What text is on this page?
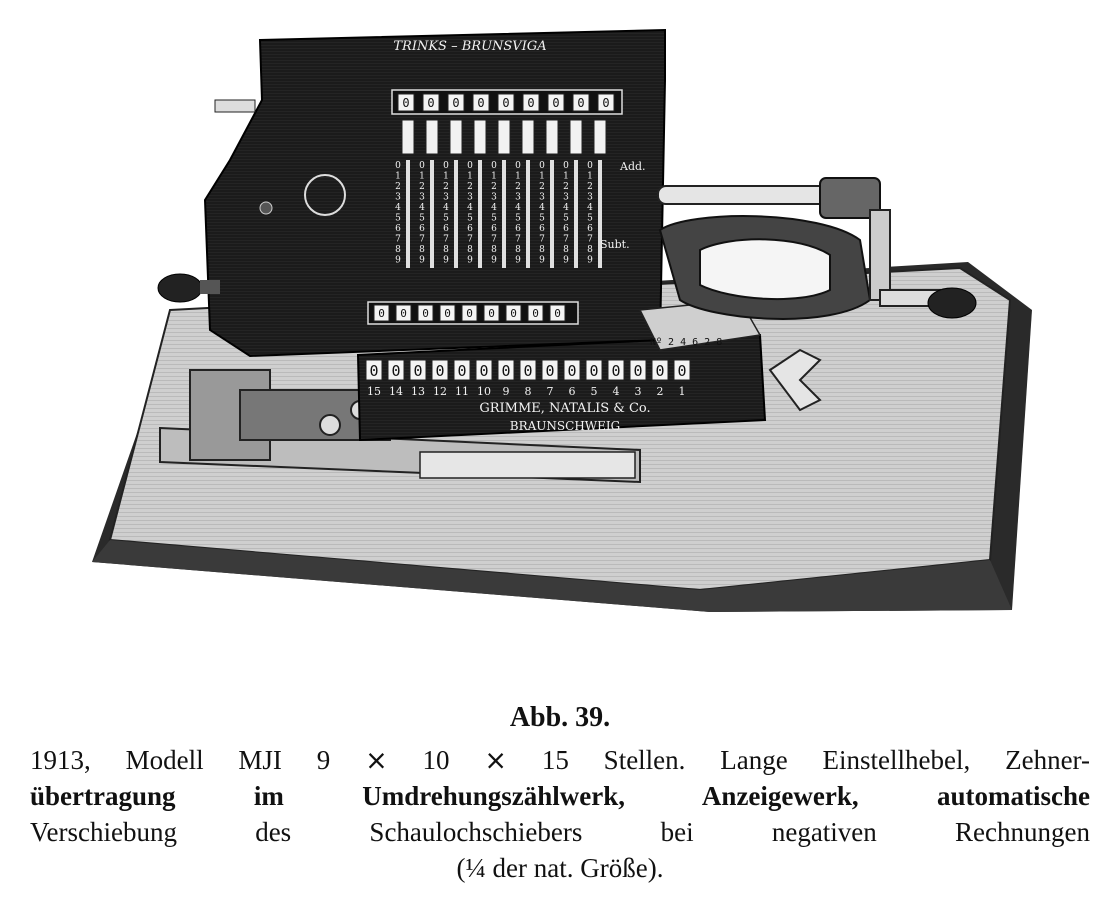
TRINKS – BRUNSVIGA
0 0 0 0 0 0 0 0 0
0
1
2
3
4
5
6
7
8
9
0
1
2
3
4
5
6
7
8
9
0
1
2
3
4
5
6
7
8
9
0
1
2
3
4
5
6
7
8
9
0
1
2
3
4
5
6
7
8
9
0
1
2
3
4
5
6
7
8
9
0
1
2
3
4
5
6
7
8
9
0
1
2
3
4
5
6
7
8
9
0
1
2
3
4
5
6
7
8
9
Add.
Subt.
0 0 0 0 0 0 0 0 0
0 0 0 0 0 0 0 0 0 0 0 0 0 0 0
15 14 13 12 11 10 9 8 7 6 5 4 3 2 1
GRIMME, NATALIS & Co.
BRAUNSCHWEIG
Nº 2 4 6 2 8
Abb. 39.
1913, Modell MJI 9 ⨯ 10 ⨯ 15 Stellen. Lange Einstellhebel, Zehner-
übertragung im Umdrehungszählwerk, Anzeigewerk, automatische
Verschiebung des Schaulochschiebers bei negativen Rechnungen
(¼ der nat. Größe).
